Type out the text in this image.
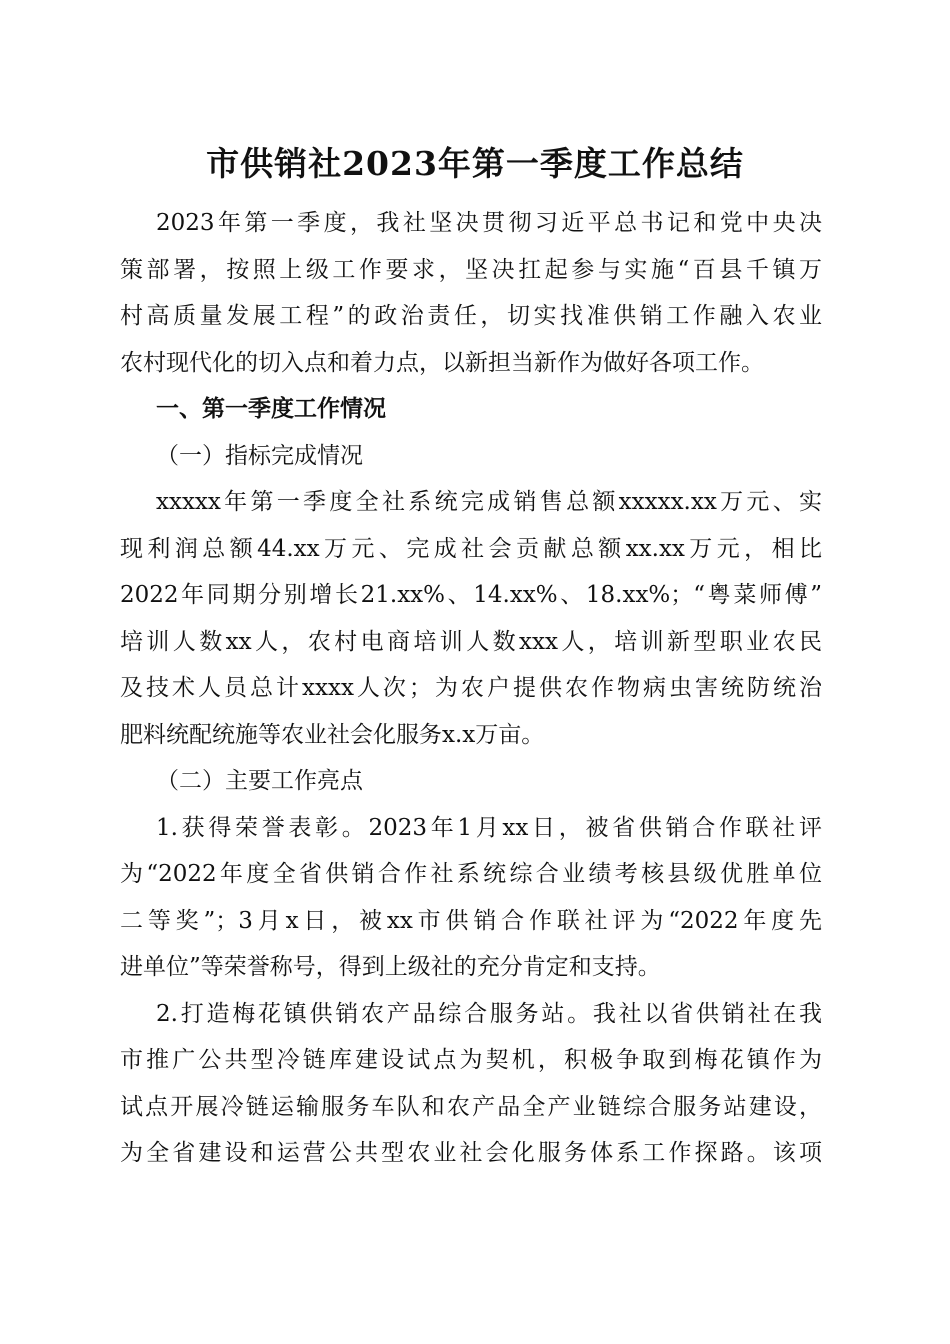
市供销社2023年第一季度工作总结
2023年第一季度，我社坚决贯彻习近平总书记和党中央决
策部署，按照上级工作要求，坚决扛起参与实施“百县千镇万
村高质量发展工程”的政治责任，切实找准供销工作融入农业
农村现代化的切入点和着力点，以新担当新作为做好各项工作。
一、第一季度工作情况
（一）指标完成情况
xxxxx年第一季度全社系统完成销售总额xxxxx.xx万元、实
现利润总额44.xx万元、完成社会贡献总额xx.xx万元，相比
2022年同期分别增长21.xx%、14.xx%、18.xx%；“粤菜师傅”
培训人数xx人，农村电商培训人数xxx人，培训新型职业农民
及技术人员总计xxxx人次；为农户提供农作物病虫害统防统治
肥料统配统施等农业社会化服务x.x万亩。
（二）主要工作亮点
1.获得荣誉表彰。2023年1月xx日，被省供销合作联社评
为“2022年度全省供销合作社系统综合业绩考核县级优胜单位
二等奖”；3月x日，被xx市供销合作联社评为“2022年度先
进单位”等荣誉称号，得到上级社的充分肯定和支持。
2.打造梅花镇供销农产品综合服务站。我社以省供销社在我
市推广公共型冷链库建设试点为契机，积极争取到梅花镇作为
试点开展冷链运输服务车队和农产品全产业链综合服务站建设，
为全省建设和运营公共型农业社会化服务体系工作探路。该项
